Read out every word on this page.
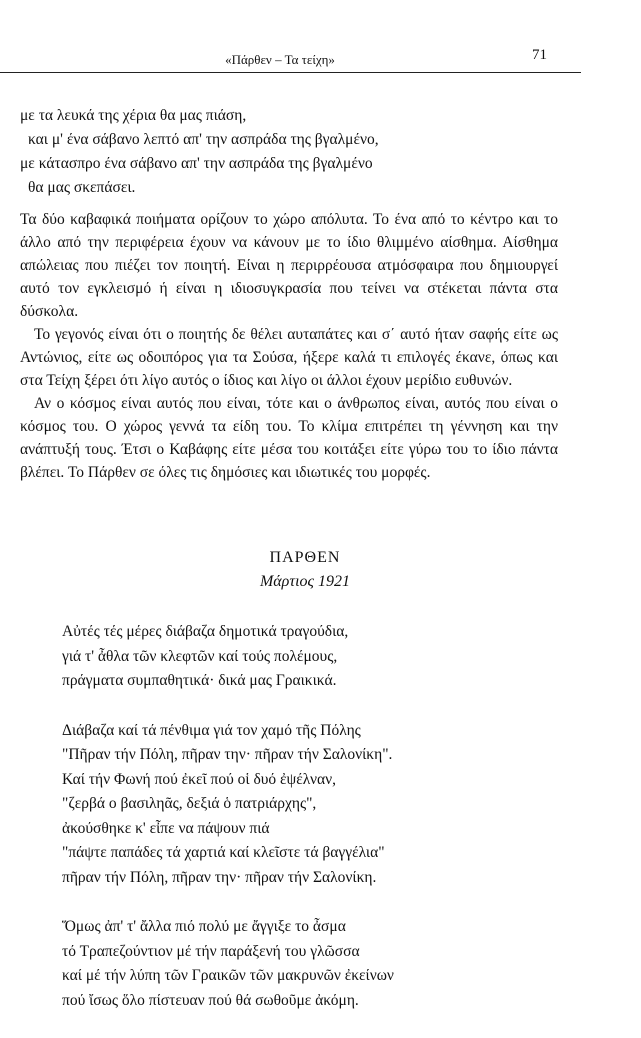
«Πάρθεν – Τα τείχη»	71
με τα λευκά της χέρια θα μας πιάση,
και μ' ένα σάβανο λεπτό απ' την ασπράδα της βγαλμένο,
με κάτασπρο ένα σάβανο απ' την ασπράδα της βγαλμένο
θα μας σκεπάσει.

Τα δύο καβαφικά ποιήματα ορίζουν το χώρο απόλυτα. Το ένα από το κέντρο και το άλλο από την περιφέρεια έχουν να κάνουν με το ίδιο θλιμμένο αίσθημα. Αίσθημα απώλειας που πιέζει τον ποιητή. Είναι η περιρρέουσα ατμόσφαιρα που δημιουργεί αυτό τον εγκλεισμό ή είναι η ιδιοσυγκρασία που τείνει να στέκεται πάντα στα δύσκολα.

Το γεγονός είναι ότι ο ποιητής δε θέλει αυταπάτες και σ΄ αυτό ήταν σαφής είτε ως Αντώνιος, είτε ως οδοιπόρος για τα Σούσα, ήξερε καλά τι επιλογές έκανε, όπως και στα Τείχη ξέρει ότι λίγο αυτός ο ίδιος και λίγο οι άλλοι έχουν μερίδιο ευθυνών.

Αν ο κόσμος είναι αυτός που είναι, τότε και ο άνθρωπος είναι, αυτός που είναι ο κόσμος του. Ο χώρος γεννά τα είδη του. Το κλίμα επιτρέπει τη γέννηση και την ανάπτυξή τους. Έτσι ο Καβάφης είτε μέσα του κοιτάξει είτε γύρω του το ίδιο πάντα βλέπει. Το Πάρθεν σε όλες τις δημόσιες και ιδιωτικές του μορφές.

ΠΑΡΘΕΝ
Μάρτιος 1921
Αὐτές τές μέρες διάβαζα δημοτικά τραγούδια,
γιά τ' ἆθλα τῶν κλεφτῶν καί τούς πολέμους,
πράγματα συμπαθητικά· δικά μας Γραικικά.
Διάβαζα καί τά πένθιμα γιά τον χαμό τῆς Πόλης
"Πῆραν τήν Πόλη, πῆραν την· πῆραν τήν Σαλονίκη".
Καί τήν Φωνή πού ἐκεῖ πού οἱ δυό ἐψέλναν,
"ζερβά ο βασιληᾶς, δεξιά ὁ πατριάρχης",
ἀκούσθηκε κ' εἶπε να πάψουν πιά
"πάψτε παπάδες τά χαρτιά καί κλεῖστε τά βαγγέλια"
πῆραν τήν Πόλη, πῆραν την· πῆραν τήν Σαλονίκη.
Ὅμως ἀπ' τ' ἄλλα πιό πολύ με ἄγγιξε το ἆσμα
τό Τραπεζούντιον μέ τήν παράξενή του γλῶσσα
καί μέ τήν λύπη τῶν Γραικῶν τῶν μακρυνῶν ἐκείνων
πού ἴσως ὅλο πίστευαν πού θά σωθοῦμε ἀκόμη.
